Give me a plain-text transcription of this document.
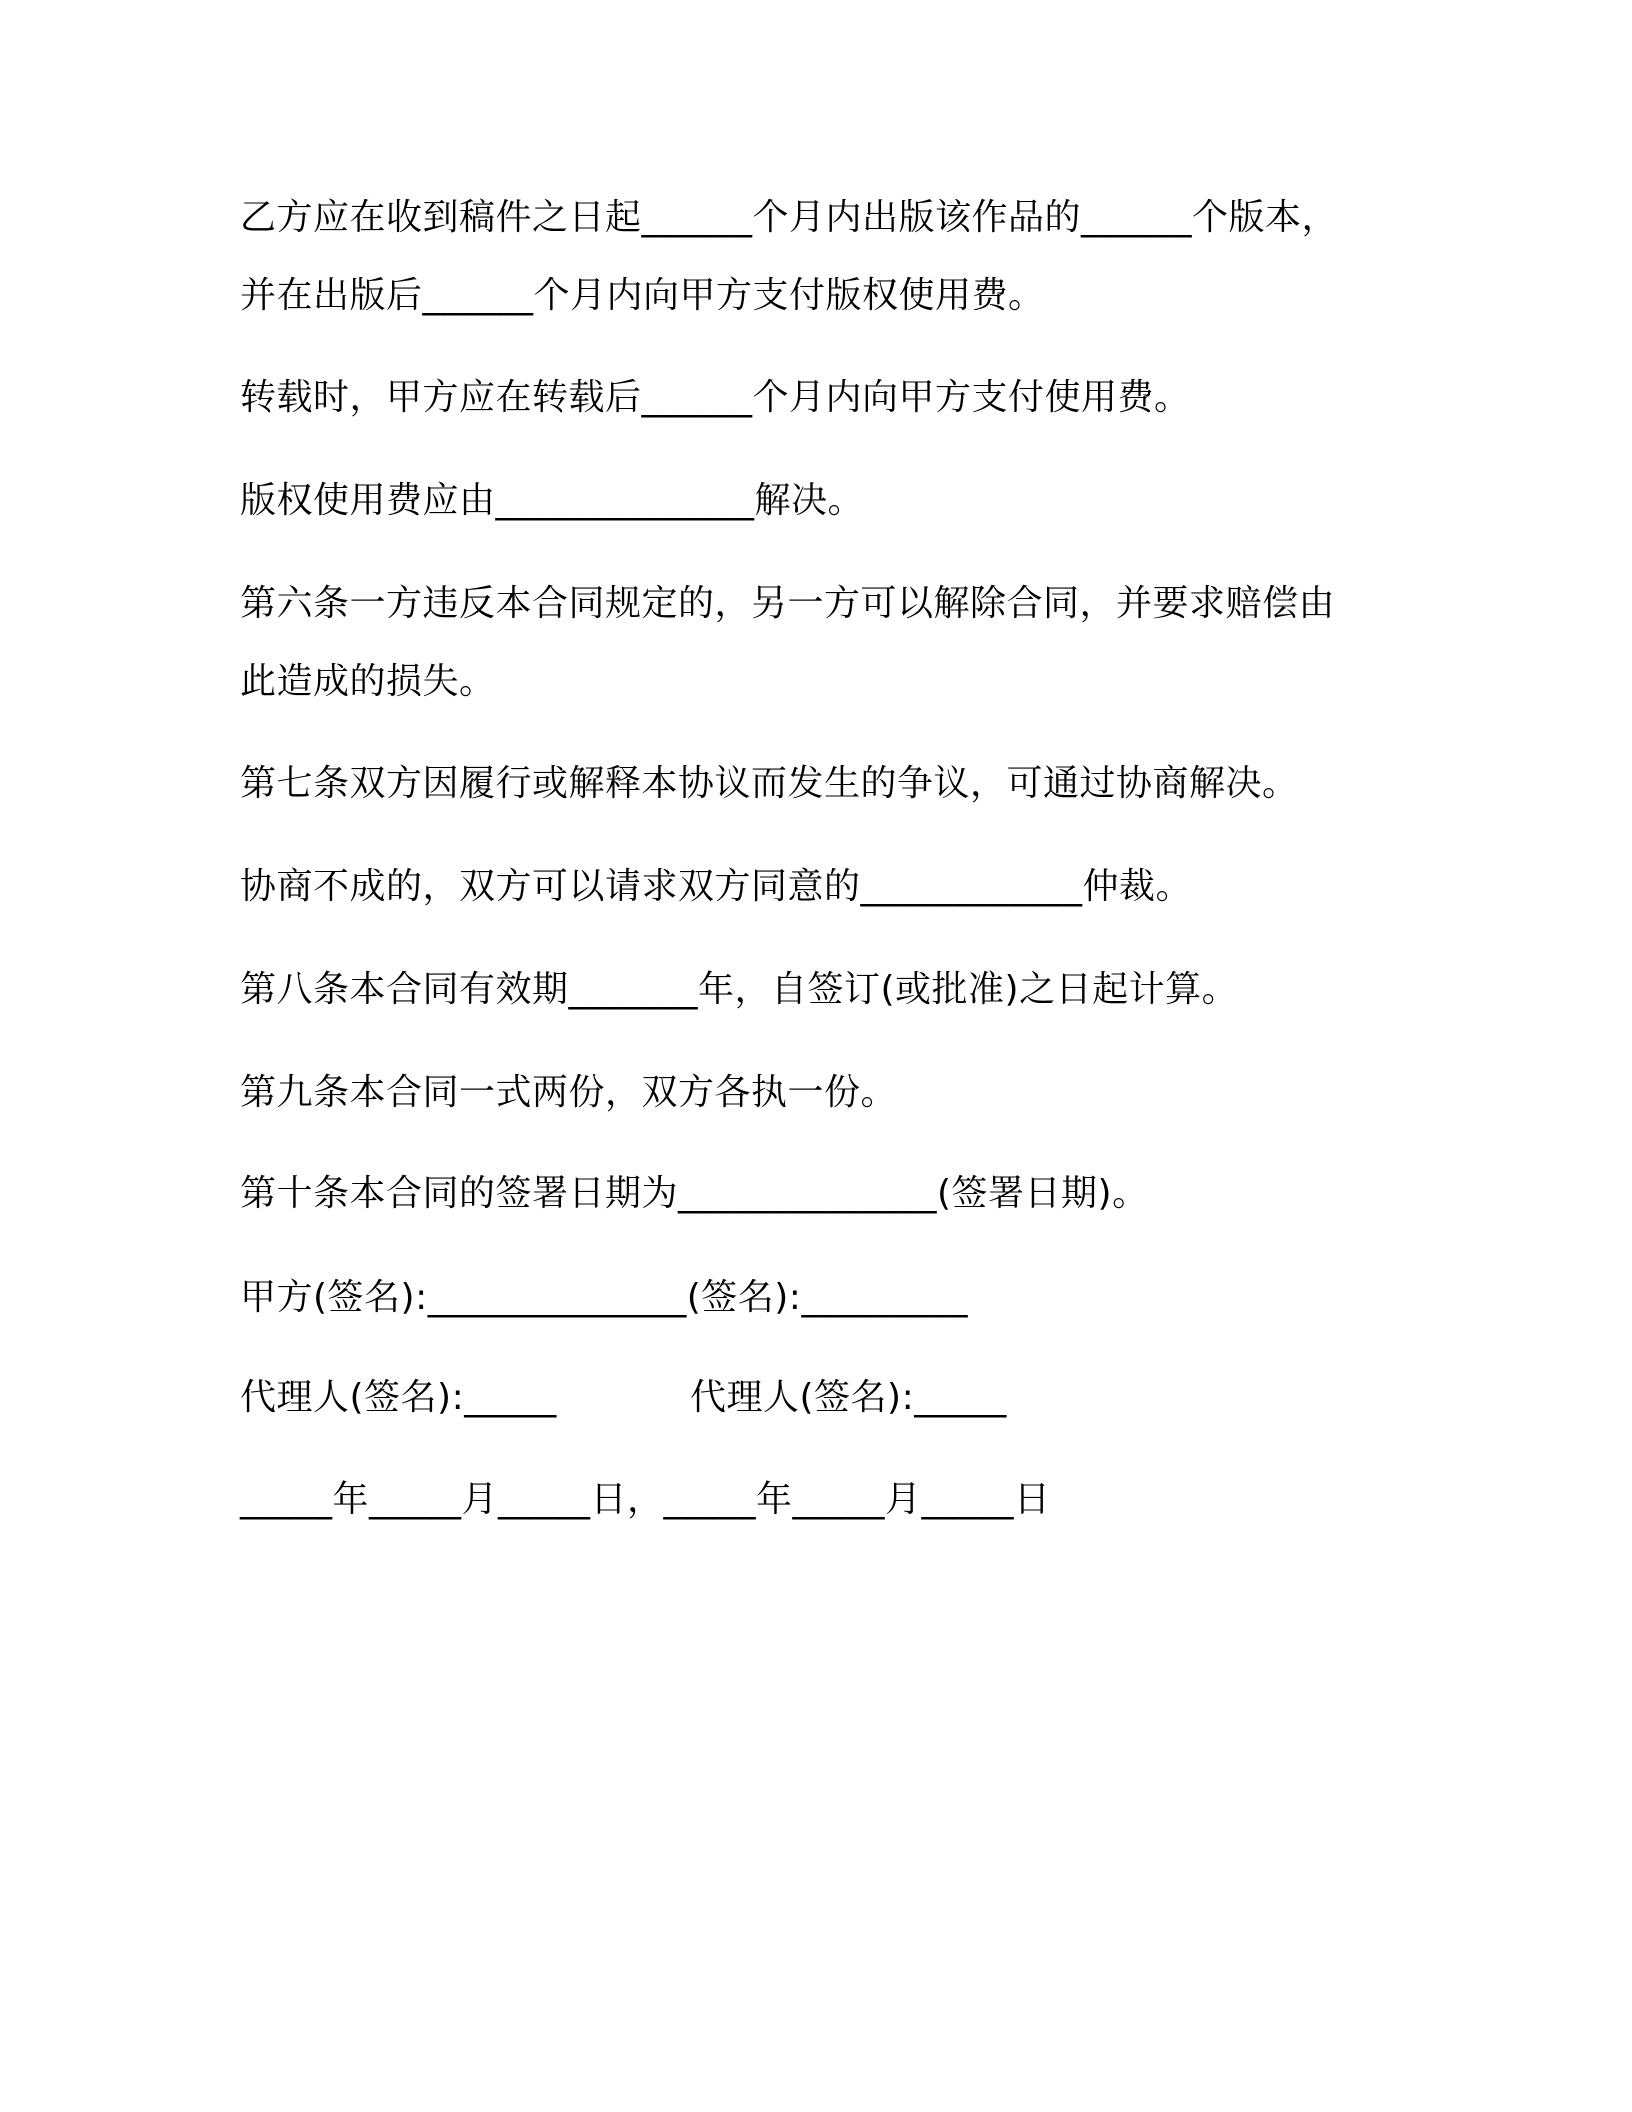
乙方应在收到稿件之日起______个月内出版该作品的______个版本，
并在出版后______个月内向甲方支付版权使用费。
转载时，甲方应在转载后______个月内向甲方支付使用费。
版权使用费应由______________解决。
第六条一方违反本合同规定的，另一方可以解除合同，并要求赔偿由
此造成的损失。
第七条双方因履行或解释本协议而发生的争议，可通过协商解决。
协商不成的，双方可以请求双方同意的____________仲裁。
第八条本合同有效期_______年，自签订(或批准)之日起计算。
第九条本合同一式两份，双方各执一份。
第十条本合同的签署日期为______________(签署日期)。
甲方(签名):______________(签名):_________
代理人(签名):_____	代理人(签名):_____
_____年_____月_____日，_____年_____月_____日
